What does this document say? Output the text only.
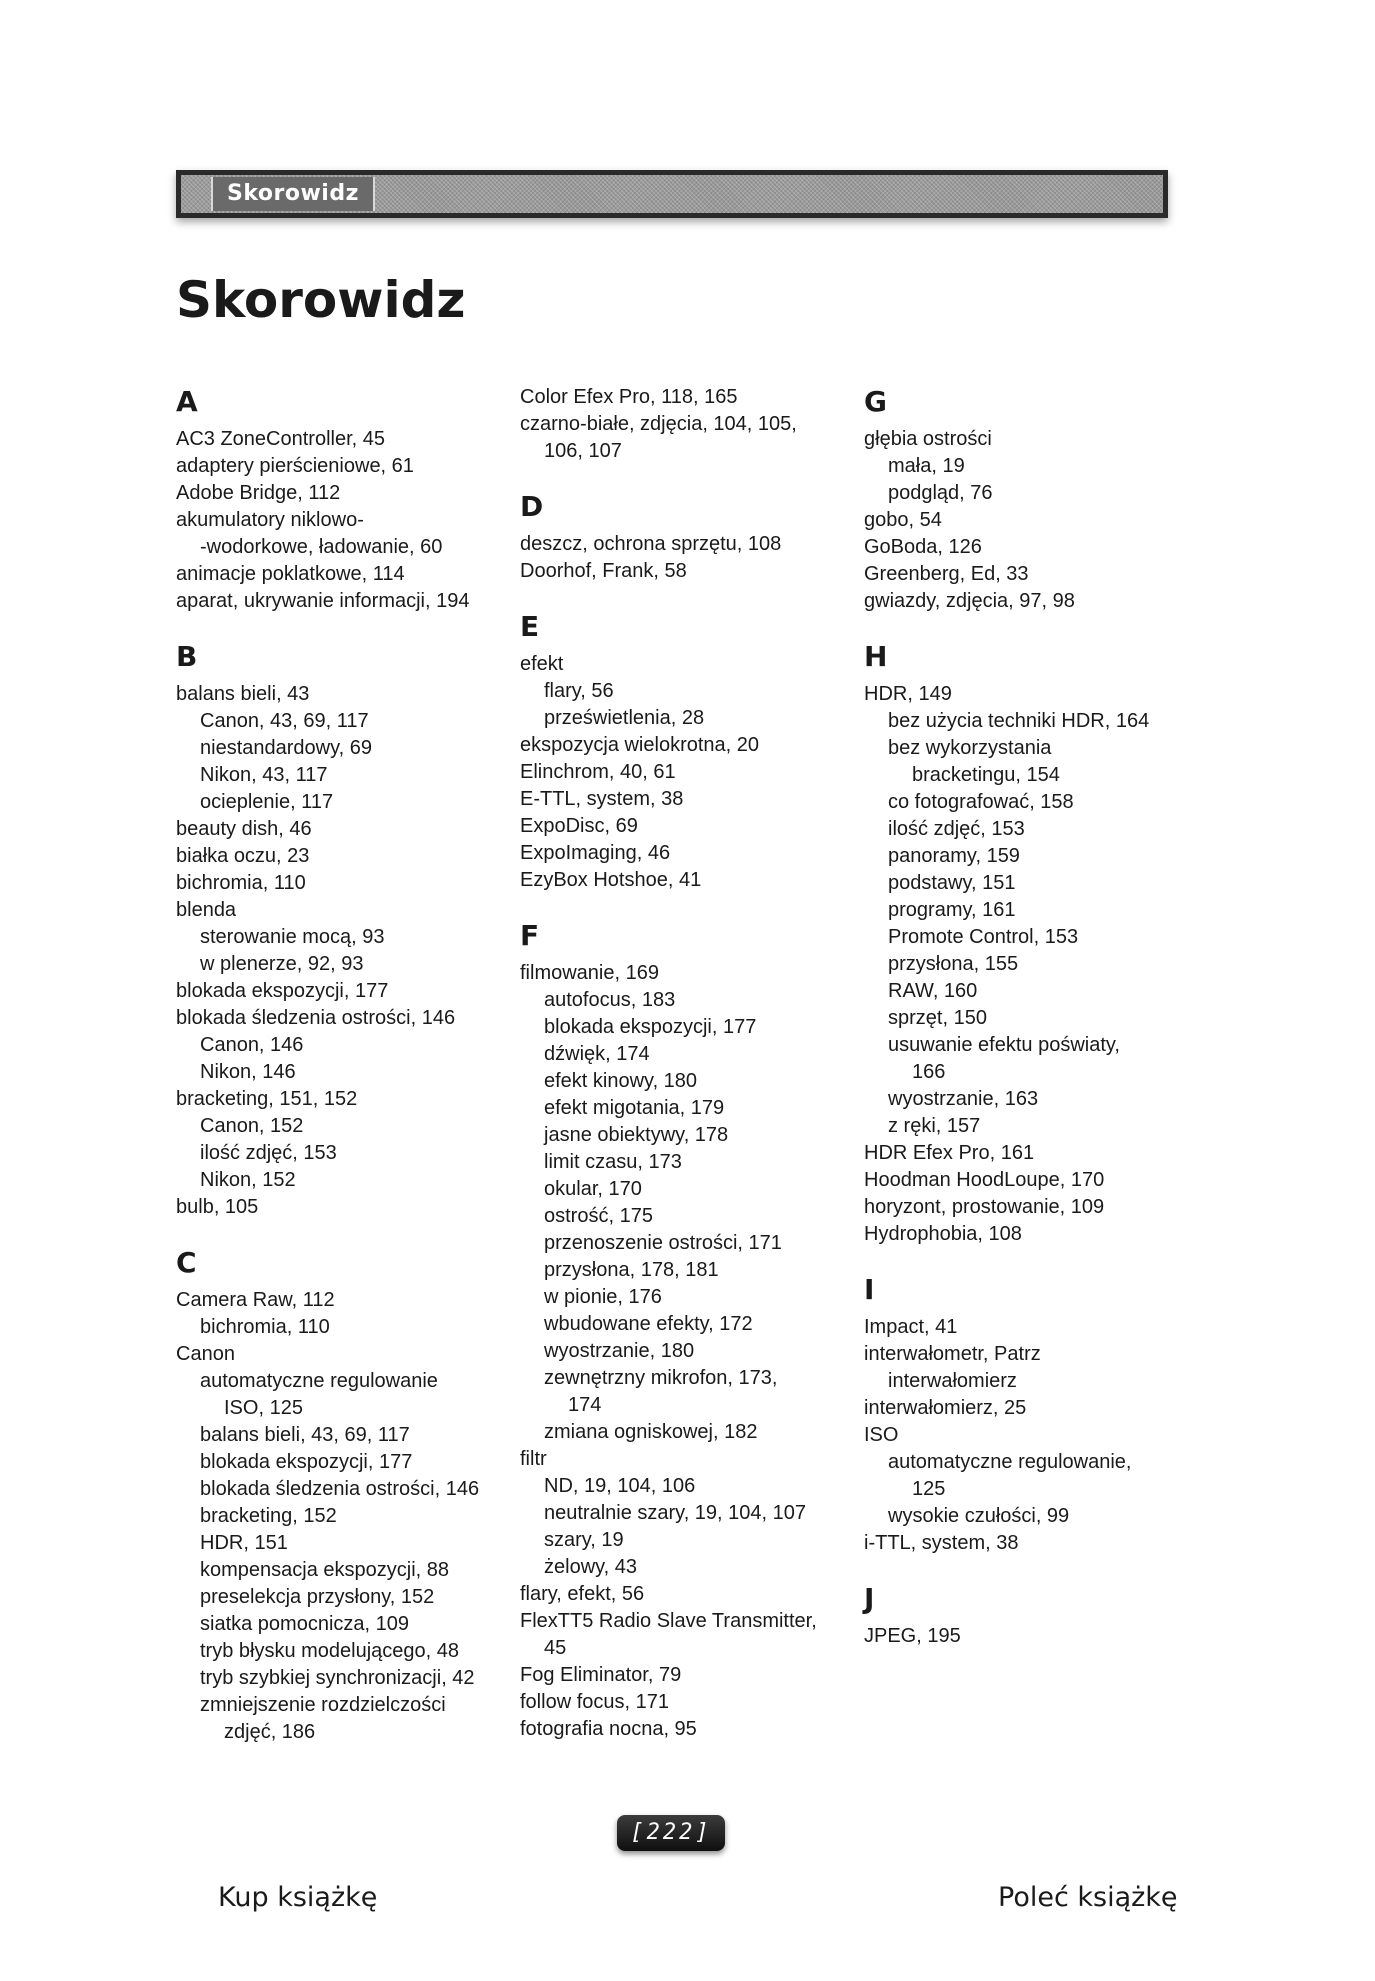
Skorowidz
Skorowidz
A
AC3 ZoneController, 45
adaptery pierścieniowe, 61
Adobe Bridge, 112
akumulatory niklowo-
-wodorkowe, ładowanie, 60
animacje poklatkowe, 114
aparat, ukrywanie informacji, 194
B
balans bieli, 43
Canon, 43, 69, 117
niestandardowy, 69
Nikon, 43, 117
ocieplenie, 117
beauty dish, 46
białka oczu, 23
bichromia, 110
blenda
sterowanie mocą, 93
w plenerze, 92, 93
blokada ekspozycji, 177
blokada śledzenia ostrości, 146
Canon, 146
Nikon, 146
bracketing, 151, 152
Canon, 152
ilość zdjęć, 153
Nikon, 152
bulb, 105
C
Camera Raw, 112
bichromia, 110
Canon
automatyczne regulowanie
ISO, 125
balans bieli, 43, 69, 117
blokada ekspozycji, 177
blokada śledzenia ostrości, 146
bracketing, 152
HDR, 151
kompensacja ekspozycji, 88
preselekcja przysłony, 152
siatka pomocnicza, 109
tryb błysku modelującego, 48
tryb szybkiej synchronizacji, 42
zmniejszenie rozdzielczości
zdjęć, 186
Color Efex Pro, 118, 165
czarno-białe, zdjęcia, 104, 105,
106, 107
D
deszcz, ochrona sprzętu, 108
Doorhof, Frank, 58
E
efekt
flary, 56
prześwietlenia, 28
ekspozycja wielokrotna, 20
Elinchrom, 40, 61
E-TTL, system, 38
ExpoDisc, 69
ExpoImaging, 46
EzyBox Hotshoe, 41
F
filmowanie, 169
autofocus, 183
blokada ekspozycji, 177
dźwięk, 174
efekt kinowy, 180
efekt migotania, 179
jasne obiektywy, 178
limit czasu, 173
okular, 170
ostrość, 175
przenoszenie ostrości, 171
przysłona, 178, 181
w pionie, 176
wbudowane efekty, 172
wyostrzanie, 180
zewnętrzny mikrofon, 173,
174
zmiana ogniskowej, 182
filtr
ND, 19, 104, 106
neutralnie szary, 19, 104, 107
szary, 19
żelowy, 43
flary, efekt, 56
FlexTT5 Radio Slave Transmitter,
45
Fog Eliminator, 79
follow focus, 171
fotografia nocna, 95
G
głębia ostrości
mała, 19
podgląd, 76
gobo, 54
GoBoda, 126
Greenberg, Ed, 33
gwiazdy, zdjęcia, 97, 98
H
HDR, 149
bez użycia techniki HDR, 164
bez wykorzystania
bracketingu, 154
co fotografować, 158
ilość zdjęć, 153
panoramy, 159
podstawy, 151
programy, 161
Promote Control, 153
przysłona, 155
RAW, 160
sprzęt, 150
usuwanie efektu poświaty,
166
wyostrzanie, 163
z ręki, 157
HDR Efex Pro, 161
Hoodman HoodLoupe, 170
horyzont, prostowanie, 109
Hydrophobia, 108
I
Impact, 41
interwałometr, Patrz
interwałomierz
interwałomierz, 25
ISO
automatyczne regulowanie,
125
wysokie czułości, 99
i-TTL, system, 38
J
JPEG, 195
[222]
Kup książkę	Poleć książkę
